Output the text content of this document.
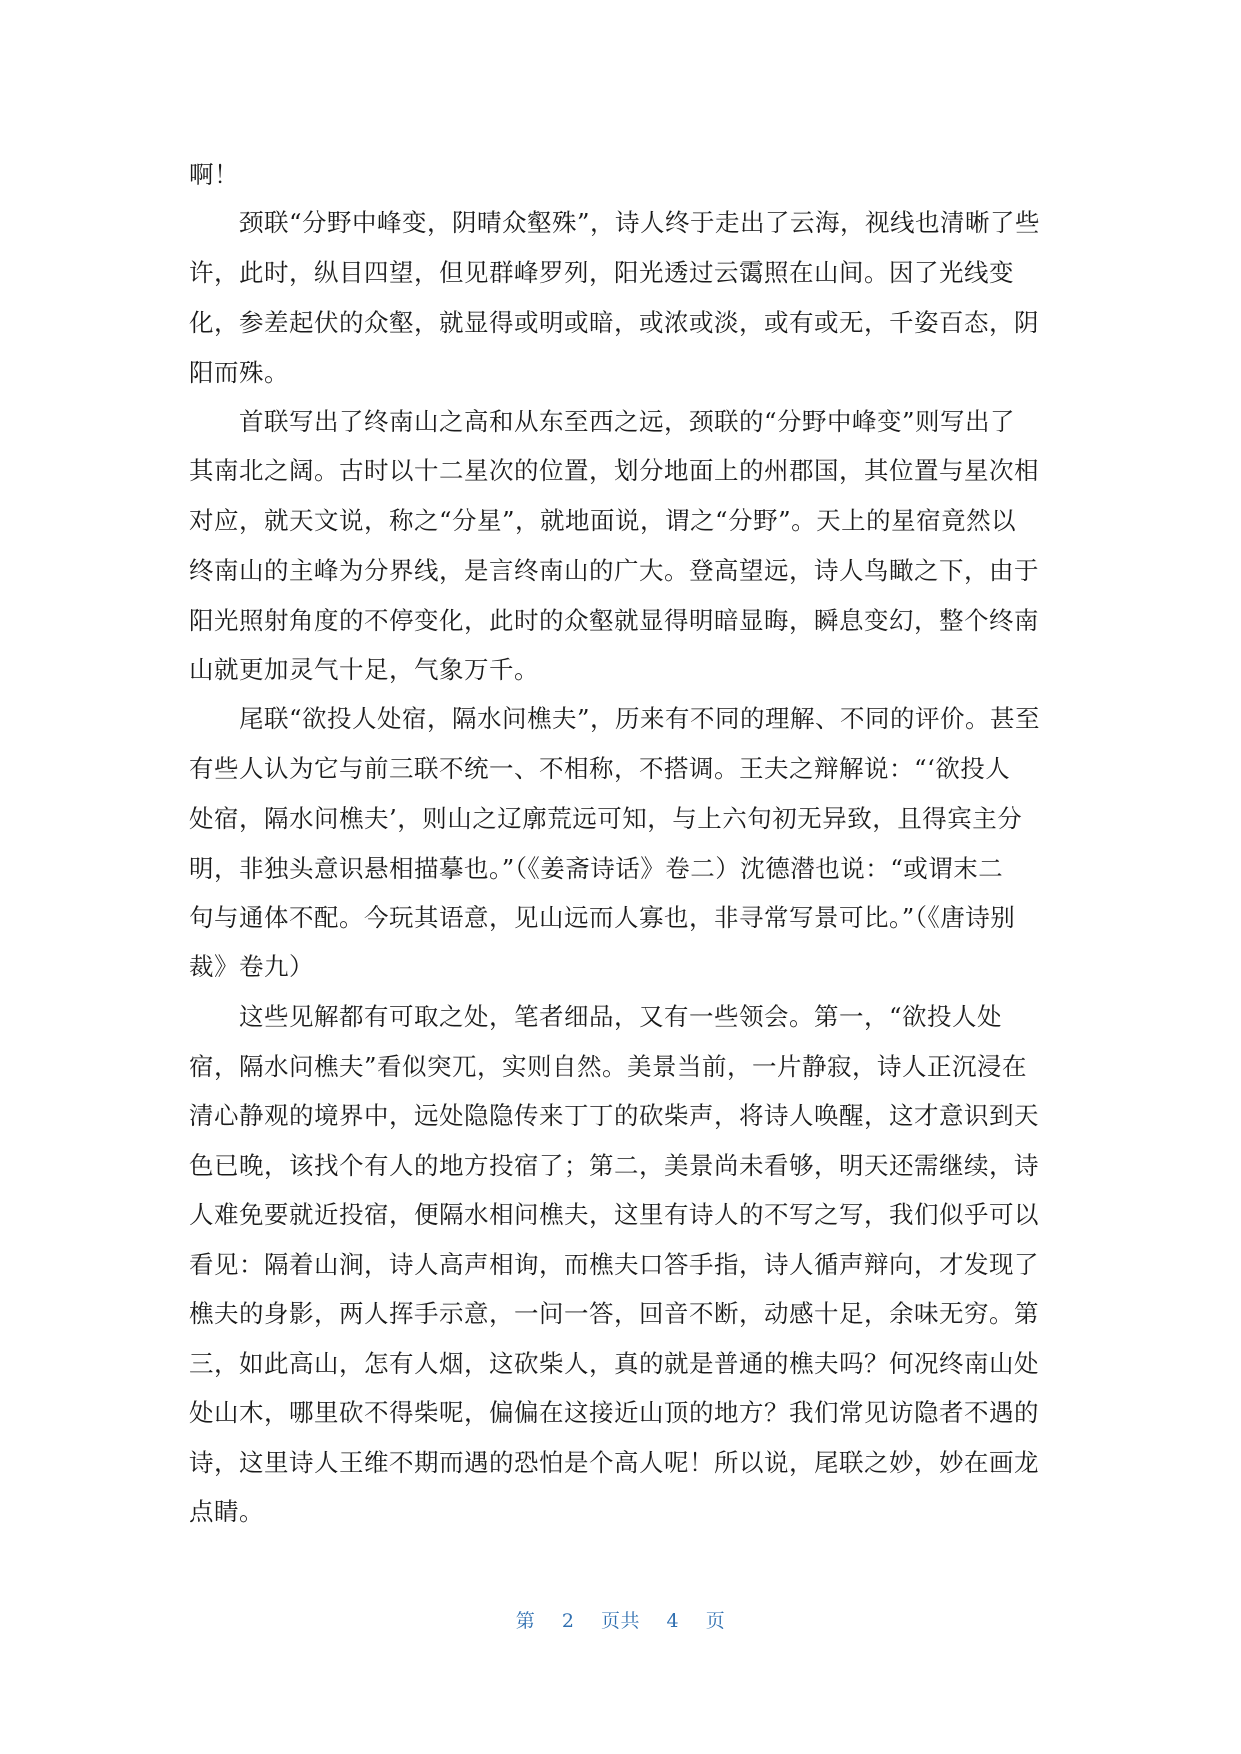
啊！
　　颈联“分野中峰变，阴晴众壑殊”，诗人终于走出了云海，视线也清晰了些
许，此时，纵目四望，但见群峰罗列，阳光透过云霭照在山间。因了光线变
化，参差起伏的众壑，就显得或明或暗，或浓或淡，或有或无，千姿百态，阴
阳而殊。
　　首联写出了终南山之高和从东至西之远，颈联的“分野中峰变”则写出了
其南北之阔。古时以十二星次的位置，划分地面上的州郡国，其位置与星次相
对应，就天文说，称之“分星”，就地面说，谓之“分野”。天上的星宿竟然以
终南山的主峰为分界线，是言终南山的广大。登高望远，诗人鸟瞰之下，由于
阳光照射角度的不停变化，此时的众壑就显得明暗显晦，瞬息变幻，整个终南
山就更加灵气十足，气象万千。
　　尾联“欲投人处宿，隔水问樵夫”，历来有不同的理解、不同的评价。甚至
有些人认为它与前三联不统一、不相称，不搭调。王夫之辩解说：“‘欲投人
处宿，隔水问樵夫’，则山之辽廓荒远可知，与上六句初无异致，且得宾主分
明，非独头意识悬相描摹也。”（《姜斋诗话》卷二）沈德潜也说：“或谓末二
句与通体不配。今玩其语意，见山远而人寡也，非寻常写景可比。”（《唐诗别
裁》卷九）
　　这些见解都有可取之处，笔者细品，又有一些领会。第一，“欲投人处
宿，隔水问樵夫”看似突兀，实则自然。美景当前，一片静寂，诗人正沉浸在
清心静观的境界中，远处隐隐传来丁丁的砍柴声，将诗人唤醒，这才意识到天
色已晚，该找个有人的地方投宿了；第二，美景尚未看够，明天还需继续，诗
人难免要就近投宿，便隔水相问樵夫，这里有诗人的不写之写，我们似乎可以
看见：隔着山涧，诗人高声相询，而樵夫口答手指，诗人循声辩向，才发现了
樵夫的身影，两人挥手示意，一问一答，回音不断，动感十足，余味无穷。第
三，如此高山，怎有人烟，这砍柴人，真的就是普通的樵夫吗？何况终南山处
处山木，哪里砍不得柴呢，偏偏在这接近山顶的地方？我们常见访隐者不遇的
诗，这里诗人王维不期而遇的恐怕是个高人呢！所以说，尾联之妙，妙在画龙
点睛。
第 2 页共 4 页
